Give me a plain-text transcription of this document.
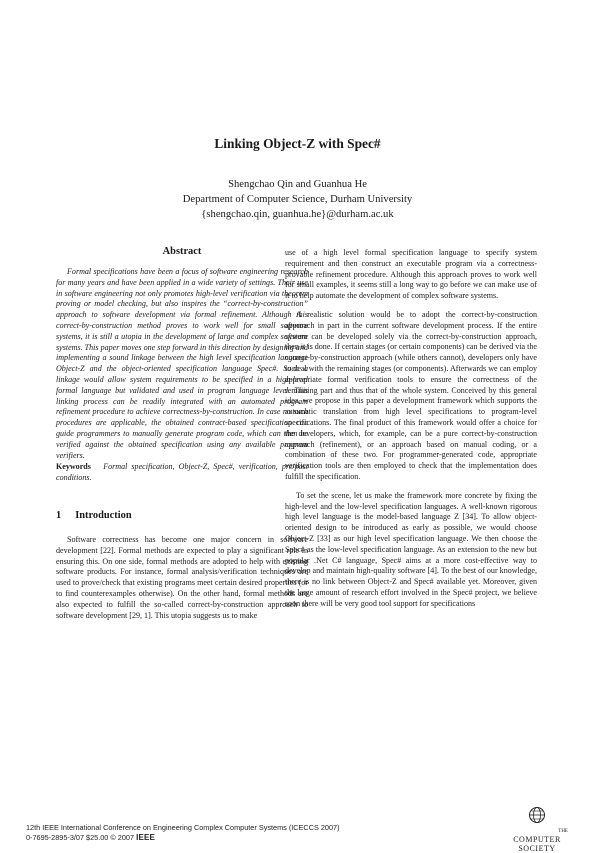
Linking Object-Z with Spec#
Shengchao Qin and Guanhua He
Department of Computer Science, Durham University
{shengchao.qin, guanhua.he}@durham.ac.uk
Abstract

Formal specifications have been a focus of software engineering research for many years and have been applied in a wide variety of settings. Their use in software engineering not only promotes high-level verification via theorem proving or model checking, but also inspires the “correct-by-construction” approach to software development via formal refinement. Although this correct-by-construction method proves to work well for small software systems, it is still a utopia in the development of large and complex software systems. This paper moves one step forward in this direction by designing and implementing a sound linkage between the high level specification language Object-Z and the object-oriented specification language Spec#. Such a linkage would allow system requirements to be specified in a high-level formal language but validated and used in program language level. This linking process can be readily integrated with an automated program refinement procedure to achieve correctness-by-construction. In case no such procedures are applicable, the obtained contract-based specification can guide programmers to manually generate program code, which can then be verified against the obtained specification using any available program verifiers.

Keywords Formal specification, Object-Z, Spec#, verification, pre/post conditions.
1 Introduction

Software correctness has become one major concern in software development [22]. Formal methods are expected to play a significant role in ensuring this. On one side, formal methods are adopted to help with existing software products. For instance, formal analysis/verification techniques are used to prove/check that existing programs meet certain desired properties (or to find counterexamples otherwise). On the other hand, formal methods are also expected to fulfill the so-called correct-by-construction approach to software development [29, 1]. This utopia suggests us to make

use of a high level formal specification language to specify system requirement and then construct an executable program via a correctness-provable refinement procedure. Although this approach proves to work well for small examples, it seems still a long way to go before we can make use of it to help automate the development of complex software systems.

A realistic solution would be to adopt the correct-by-construction approach in part in the current software development process. If the entire system can be developed solely via the correct-by-construction approach, then it is done. If certain stages (or certain components) can be derived via the correct-by-construction approach (while others cannot), developers only have to deal with the remaining stages (or components). Afterwards we can employ appropriate formal verification tools to ensure the correctness of the remaining part and thus that of the whole system. Conceived by this general idea, we propose in this paper a development framework which supports the automatic translation from high level specifications to program-level specifications. The final product of this framework would offer a choice for the developers, which, for example, can be a pure correct-by-construction approach (refinement), or an approach based on manual coding, or a combination of these two. For programmer-generated code, appropriate verification tools are then employed to check that the implementation does fulfill the specification.

To set the scene, let us make the framework more concrete by fixing the high-level and the low-level specification languages. A well-known rigorous high level language is the model-based language Z [34]. To allow object-oriented design to be introduced as early as possible, we would choose Object-Z [33] as our high level specification language. We then choose the Spec# as the low-level specification language. As an extension to the new but popular .Net C# language, Spec# aims at a more cost-effective way to develop and maintain high-quality software [4]. To the best of our knowledge, there is no link between Object-Z and Spec# available yet. Moreover, given the large amount of research effort involved in the Spec# project, we believe soon there will be very good tool support for specifications

12th IEEE International Conference on Engineering Complex Computer Systems (ICECCS 2007)
0-7695-2895-3/07 $25.00 © 2007 IEEE
THE
COMPUTER
SOCIETY
